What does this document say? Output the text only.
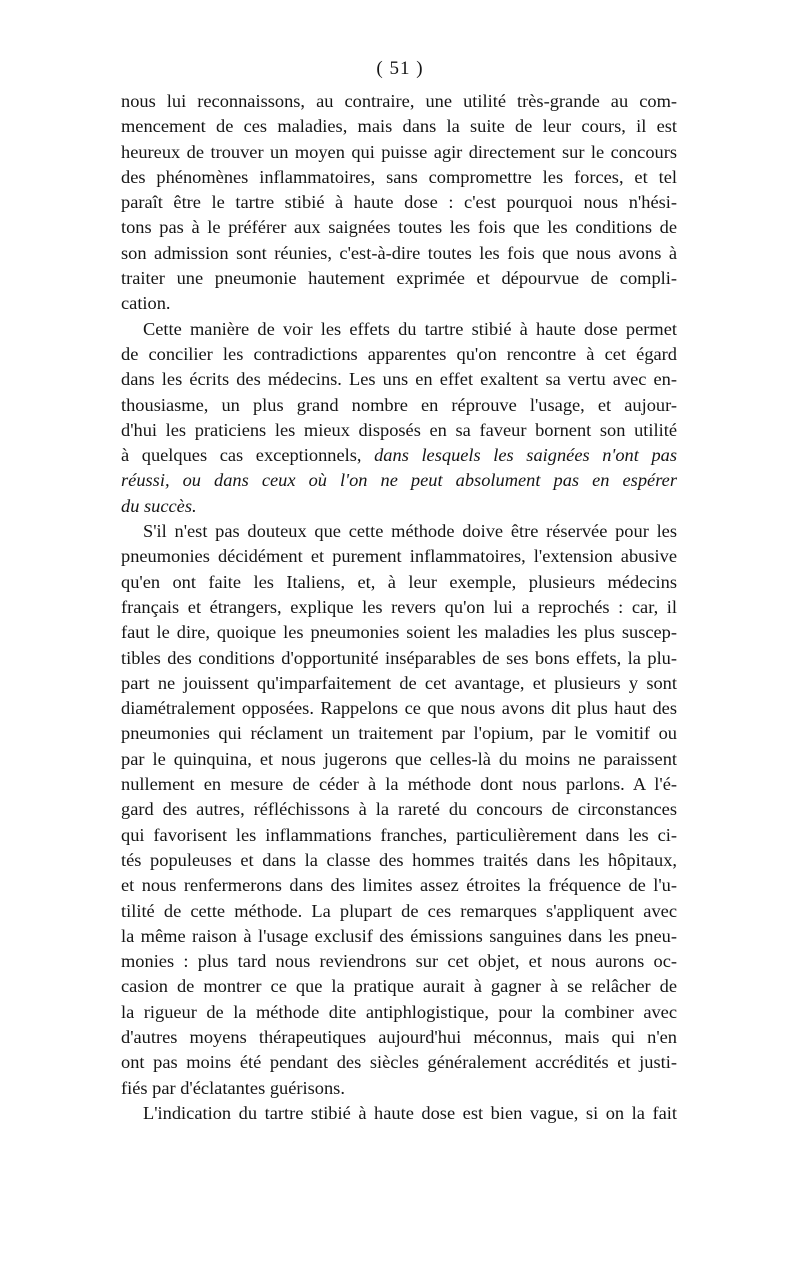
( 51 )
nous lui reconnaissons, au contraire, une utilité très-grande au com-
mencement de ces maladies, mais dans la suite de leur cours, il est
heureux de trouver un moyen qui puisse agir directement sur le concours
des phénomènes inflammatoires, sans compromettre les forces, et tel
paraît être le tartre stibié à haute dose : c'est pourquoi nous n'hési-
tons pas à le préférer aux saignées toutes les fois que les conditions de
son admission sont réunies, c'est-à-dire toutes les fois que nous avons à
traiter une pneumonie hautement exprimée et dépourvue de compli-
cation.
Cette manière de voir les effets du tartre stibié à haute dose permet
de concilier les contradictions apparentes qu'on rencontre à cet égard
dans les écrits des médecins. Les uns en effet exaltent sa vertu avec en-
thousiasme, un plus grand nombre en réprouve l'usage, et aujour-
d'hui les praticiens les mieux disposés en sa faveur bornent son utilité
à quelques cas exceptionnels, dans lesquels les saignées n'ont pas
réussi, ou dans ceux où l'on ne peut absolument pas en espérer
du succès.
S'il n'est pas douteux que cette méthode doive être réservée pour les
pneumonies décidément et purement inflammatoires, l'extension abusive
qu'en ont faite les Italiens, et, à leur exemple, plusieurs médecins
français et étrangers, explique les revers qu'on lui a reprochés : car, il
faut le dire, quoique les pneumonies soient les maladies les plus suscep-
tibles des conditions d'opportunité inséparables de ses bons effets, la plu-
part ne jouissent qu'imparfaitement de cet avantage, et plusieurs y sont
diamétralement opposées. Rappelons ce que nous avons dit plus haut des
pneumonies qui réclament un traitement par l'opium, par le vomitif ou
par le quinquina, et nous jugerons que celles-là du moins ne paraissent
nullement en mesure de céder à la méthode dont nous parlons. A l'é-
gard des autres, réfléchissons à la rareté du concours de circonstances
qui favorisent les inflammations franches, particulièrement dans les ci-
tés populeuses et dans la classe des hommes traités dans les hôpitaux,
et nous renfermerons dans des limites assez étroites la fréquence de l'u-
tilité de cette méthode. La plupart de ces remarques s'appliquent avec
la même raison à l'usage exclusif des émissions sanguines dans les pneu-
monies : plus tard nous reviendrons sur cet objet, et nous aurons oc-
casion de montrer ce que la pratique aurait à gagner à se relâcher de
la rigueur de la méthode dite antiphlogistique, pour la combiner avec
d'autres moyens thérapeutiques aujourd'hui méconnus, mais qui n'en
ont pas moins été pendant des siècles généralement accrédités et justi-
fiés par d'éclatantes guérisons.
L'indication du tartre stibié à haute dose est bien vague, si on la fait
